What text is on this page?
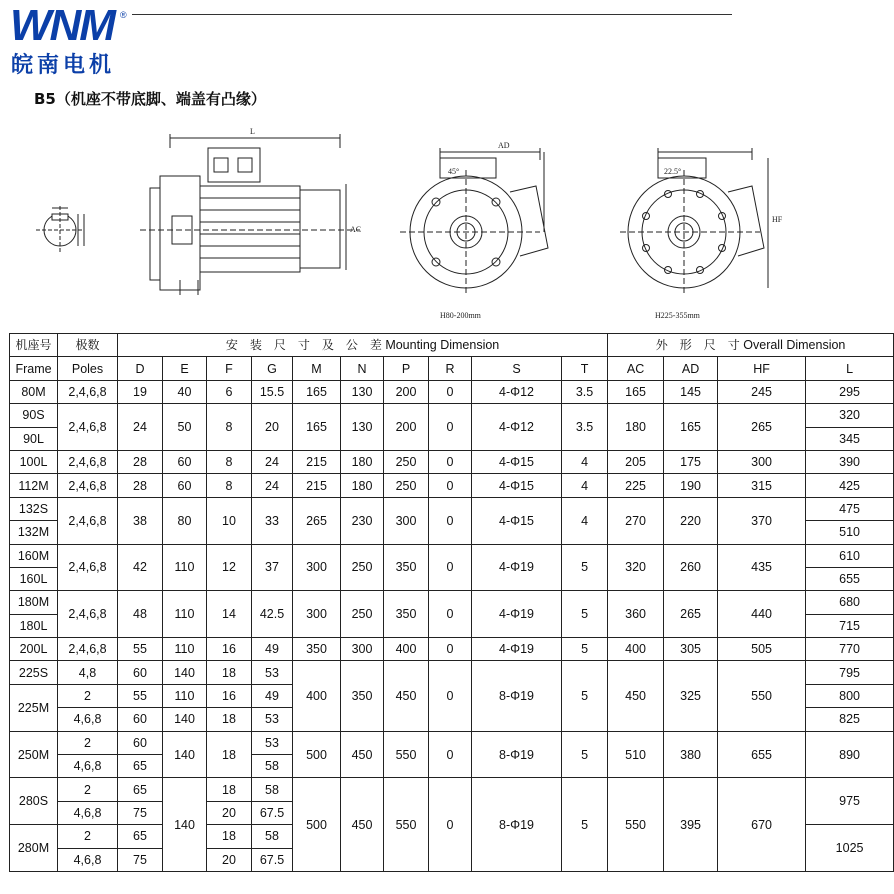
WNM ®
皖南电机
B5（机座不带底脚、端盖有凸缘）
L
AC
45°
AD
22.5°
HF
H80-200mm	H225-355mm
机座号	极数	安　装　尺　寸　及　公　差 Mounting Dimension										外　形　尺　寸 Overall Dimension			
Frame	Poles	D	E	F	G	M	N	P	R	S	T	AC	AD	HF	L
80M	2,4,6,8	19	40	6	15.5	165	130	200	0	4-Φ12	3.5	165	145	245	295
90S	2,4,6,8	24	50	8	20	165	130	200	0	4-Φ12	3.5	180	165	265	320
90L															345
100L	2,4,6,8	28	60	8	24	215	180	250	0	4-Φ15	4	205	175	300	390
112M	2,4,6,8	28	60	8	24	215	180	250	0	4-Φ15	4	225	190	315	425
132S	2,4,6,8	38	80	10	33	265	230	300	0	4-Φ15	4	270	220	370	475
132M															510
160M	2,4,6,8	42	110	12	37	300	250	350	0	4-Φ19	5	320	260	435	610
160L															655
180M	2,4,6,8	48	110	14	42.5	300	250	350	0	4-Φ19	5	360	265	440	680
180L															715
200L	2,4,6,8	55	110	16	49	350	300	400	0	4-Φ19	5	400	305	505	770
225S	4,8	60	140	18	53	400	350	450	0	8-Φ19	5	450	325	550	795
225M	2	55	110	16	49										800
	4,6,8	60	140	18	53										825
250M	2	60	140	18	53	500	450	550	0	8-Φ19	5	510	380	655	890
	4,6,8	65			58										
280S	2	65	140	18	58	500	450	550	0	8-Φ19	5	550	395	670	975
	4,6,8	75		20	67.5										
280M	2	65		18	58										1025
	4,6,8	75		20	67.5										
